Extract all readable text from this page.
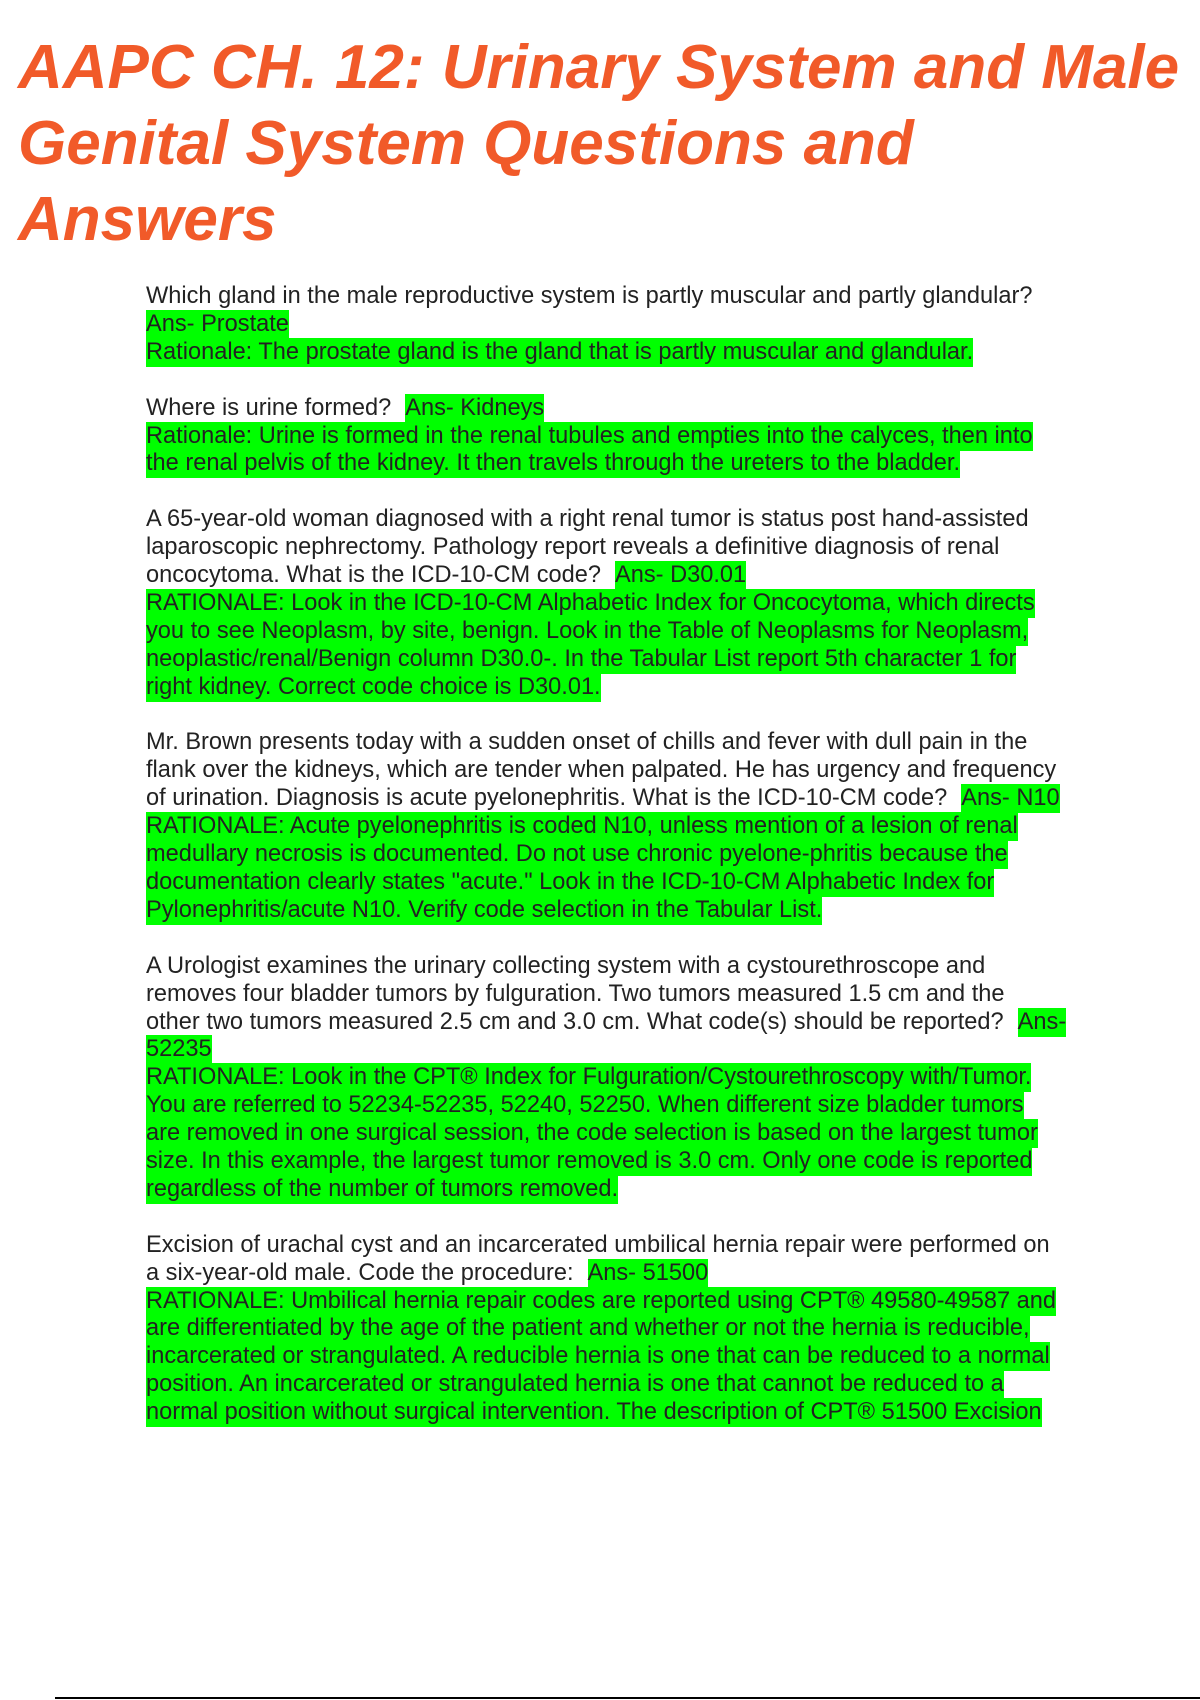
AAPC CH. 12: Urinary System and Male
Genital System Questions and
Answers
Which gland in the male reproductive system is partly muscular and partly glandular?
Ans- Prostate
Rationale: The prostate gland is the gland that is partly muscular and glandular.
Where is urine formed? Ans- Kidneys
Rationale: Urine is formed in the renal tubules and empties into the calyces, then into
the renal pelvis of the kidney. It then travels through the ureters to the bladder.
A 65-year-old woman diagnosed with a right renal tumor is status post hand-assisted
laparoscopic nephrectomy. Pathology report reveals a definitive diagnosis of renal
oncocytoma. What is the ICD-10-CM code? Ans- D30.01
RATIONALE: Look in the ICD-10-CM Alphabetic Index for Oncocytoma, which directs
you to see Neoplasm, by site, benign. Look in the Table of Neoplasms for Neoplasm,
neoplastic/renal/Benign column D30.0-. In the Tabular List report 5th character 1 for
right kidney. Correct code choice is D30.01.
Mr. Brown presents today with a sudden onset of chills and fever with dull pain in the
flank over the kidneys, which are tender when palpated. He has urgency and frequency
of urination. Diagnosis is acute pyelonephritis. What is the ICD-10-CM code? Ans- N10
RATIONALE: Acute pyelonephritis is coded N10, unless mention of a lesion of renal
medullary necrosis is documented. Do not use chronic pyelone-phritis because the
documentation clearly states "acute." Look in the ICD-10-CM Alphabetic Index for
Pylonephritis/acute N10. Verify code selection in the Tabular List.
A Urologist examines the urinary collecting system with a cystourethroscope and
removes four bladder tumors by fulguration. Two tumors measured 1.5 cm and the
other two tumors measured 2.5 cm and 3.0 cm. What code(s) should be reported? Ans-
52235
RATIONALE: Look in the CPT® Index for Fulguration/Cystourethroscopy with/Tumor.
You are referred to 52234-52235, 52240, 52250. When different size bladder tumors
are removed in one surgical session, the code selection is based on the largest tumor
size. In this example, the largest tumor removed is 3.0 cm. Only one code is reported
regardless of the number of tumors removed.
Excision of urachal cyst and an incarcerated umbilical hernia repair were performed on
a six-year-old male. Code the procedure: Ans- 51500
RATIONALE: Umbilical hernia repair codes are reported using CPT® 49580-49587 and
are differentiated by the age of the patient and whether or not the hernia is reducible,
incarcerated or strangulated. A reducible hernia is one that can be reduced to a normal
position. An incarcerated or strangulated hernia is one that cannot be reduced to a
normal position without surgical intervention. The description of CPT® 51500 Excision
